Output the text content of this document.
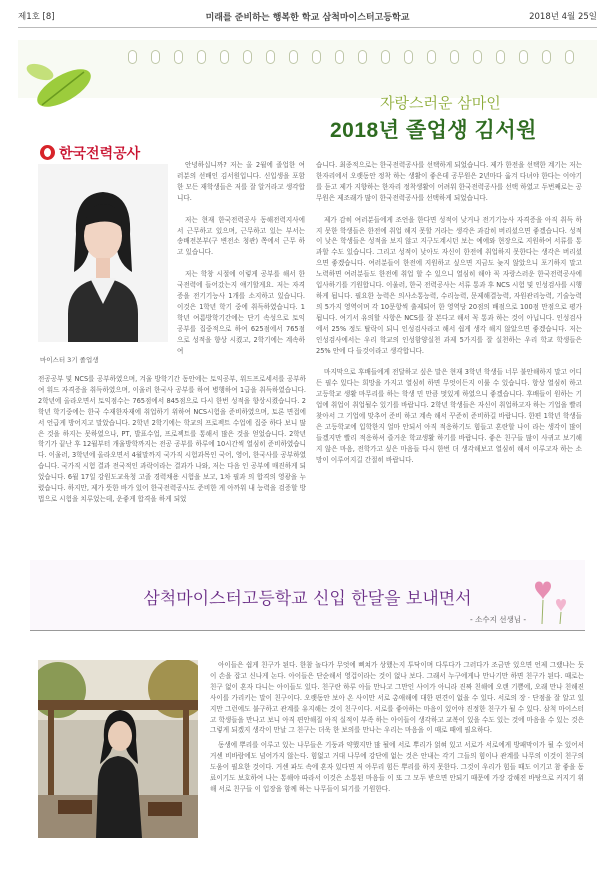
제1호 [8]	미래를 준비하는 행복한 학교 삼척마이스터고등학교	2018년 4월 25일
자랑스러운 삼마인
2018년 졸업생 김서원
한국전력공사
마이스터 3기 졸업생

안녕하십니까? 저는 올 2월에 졸업한 여러분의 선배인 김서원입니다. 신입생을 포함한 모든 재학생들은 저를 잘 알거라고 생각합니다.

저는 현재 한국전력공사 동해전력지사에서 근무하고 있으며, 근무하고 있는 부서는 송배전본부(구 변전소 청관) 쪽에서 근무 하고 있습니다.

저는 학창 시절에 이렇게 공부를 해서 한국전력에 들어갔는지 얘기할게요. 저는 자격증을 전기기능사 1개를 소지하고 있습니다. 이것은 1학년 학기 중에 취득하였습니다. 1학년 여름방학기간에는 단기 속성으로 토익공부를 집중적으로 하여 625점에서 765점으로 성적을 향상 시켰고, 2학기에는 계속하여

전공공부 및 NCS를 공부하였으며, 겨울 방학기간 동안에는 토익공부, 워드프로세서를 공부하여 워드 자격증을 취득하였으며, 이울러 한국사 공부를 하여 병행하여 1급을 취득하였습니다. 2학년에 올라오면서 토익점수는 765점에서 845점으로 다시 한번 성적을 향상시켰습니다. 2학년 학기중에는 한국 수재한자재에 취업하기 위하여 NCS시험을 준비하였으며, 토론 면접에서 언급게 방어지고 말았습니다. 2학년 2학기에는 학교의 프로젝트 수업에 집중 하다 보니 많은 것을 하지는 못하였으나, PT, 발표수업, 프로젝트를 통해서 많은 것을 얻었습니다. 2학년 학기가 끝난 후 12월부터 개울방학까지는 전공 공부를 하루에 10시간씩 열심히 준비하였습니다. 이울러, 3학년에 올라오면서 4월말까지 국가직 시험과목인 국어, 영어, 한국사를 공부하였습니다. 국가직 시험 결과 전국적인 과락이라는 결과가 나와, 저는 다음 인 공부에 매진하게 되었습니다. 6월 17일 강원도교육청 고졸 경력채용 시험을 보고, 1차 필과 의 합격의 영광을 누렸습니다. 하지만, 제가 뜻한 바가 있어 한국전력공사도 준비한 게 아까워 내 능력을 검증할 방법으로 시험을 치루었는데, 운좋게 합격을 하게 되었

습니다. 최종적으로는 한국전력공사를 선택하게 되었습니다. 제가 한전을 선택한 계기는 저는 한자리에서 오랫동안 정착 하는 생활이 좋은데 공무원은 2년마다 옮겨 다녀야 한다는 이야기를 듣고 제가 지향하는 한자리 정착생활이 어려워 한국전력공사를 선택 하였고 두번째로는 공무원은 제조래가 많이 한국전력공사를 선택하게 되었습니다.

제가 감히 여러분들에게 조언을 한다면 성적이 낮거나 전기기능사 자격증을 아직 취득 하지 못한 학생들은 한전에 취업 해지 못할 거라는 생각은 과감히 버리셨으면 좋겠습니다. 성적이 낮은 학생들은 성적을 보지 않고 지구도계시던 보는 예에와 현장으로 지원하여 서류를 통과할 수도 있습니다. 그리고 성적이 낮아도 자신이 한전에 취업하지 못한다는 생각은 버리셨으면 좋겠습니다. 여러분들이 한전에 지원하고 싶으면 지금도 늦지 않았으니 포기하지 말고 노력하면 여러분들도 한전에 취업 할 수 있으니 열심히 해야 꼭 자랑스러운 한국전력공사에 입사하기를 기원합니다. 이울러, 한국 전력공사는 서류 통과 후 NCS 시험 및 인성검사를 시행하게 됩니다. 필요한 능력은 의사소통능력, 수리능력, 문제해결능력, 자원관리능력, 기술능력의 5가지 영역이며 각 10문항씩 출제되어 한 영역당 20점의 배점으로 100점 만점으로 평가됩니다. 여기서 유의할 사항은 NCS를 잘 본다고 해서 꼭 통과 하는 것이 아닙니다. 인성검사에서 25% 정도 탈락이 되니 인성검사라고 해서 쉽게 생각 해지 않았으면 좋겠습니다. 저는 인성검사에서는 우리 학교의 인성함양실천 과제 5가지를 잘 실천하는 우리 학교 학생들은 25% 안에 다 들것이라고 생각합니다.

마지막으로 후배들에게 전달하고 싶은 말은 현재 3학년 학생들 너무 불안해하지 말고 어디든 필수 있다는 희망을 가지고 열심히 하면 무엇이든지 이룰 수 있습니다. 항상 열심히 하고 고등학교 생활 마무리를 하는 학생 민 만큼 멋있게 하였으니 좋겠습니다. 후배들이 원하는 기업에 취업이 취업될수 있기를 바랍니다. 2학년 학생들은 자신이 취업하고자 하는 기업을 빨리 찾아서 그 기업에 맞추어 준비 하고 계속 해서 꾸준히 준비하길 바랍니다. 한편 1학년 학생들은 고등학교에 입학한지 얼마 안되서 아직 적응하기도 힘들고 혼란할 나이 라는 생각이 많이 들겠지만 빨리 적응하셔 즐거운 학교생활 하기를 바랍니다. 좋은 친구들 많이 사귀고 보기해지 않은 마음, 전학가고 싶은 마음들 다시 한번 더 생각해보고 열심히 해서 이루고자 하는 소망이 이루어지길 간절히 바랍니다.

삼척마이스터고등학교 신입 한달을 보내면서
- 소수지 선생님 -

아이들은 쉽게 친구가 된다. 한참 놀다가 무엇에 삐쳐가 상했는지 투닥이며 다투다가 그러다가 조금만 있으면 언제 그랬냐는 듯이 손을 잡고 신나게 논다. 아이들은 단순해서 영겁이라는 것이 없나 보다. 그래서 누구에게나 만나기만 하면 친구가 된다. 때로는 친구 없이 혼자 다니는 아이들도 있다. 친구란 하루 아들 만나고 그만인 사이가 아니라 진짜 친해에 오랜 기쁨에, 오래 만나 친해진 사이를 가리키는 말이 친구이다. 오랫동안 보아 온 사이만 서로 총애해에 대한 편견이 없을 수 있다. 서로의 장 · 단점을 잘 알고 있지만 그런에도 불구하고 관계를 유지해는 것이 친구이다. 서로를 좋아하는 마음이 있어야 진정한 친구가 될 수 있다. 삼척 마이스터고 학생들을 만나고 보니 아직 편안해질 아직 실적이 부족 하는 아이들이 생각하고 교복이 있을 수도 있는 것에 마음을 수 있는 것은 그렇게 되겠지 생각이 만날 그 친구는 더욱 한 보의를 만나는 우리는 마음을 이 때로 때에 필요하다.

동생에 뿌리를 이루고 있는 나무들은 기둥과 약했지만 많 될에 서로 뿌리가 얽혀 있고 서로가 서로에게 방패막이가 될 수 있어서 거센 비바람에도 넘어가지 않는다. 힘없고 거대 나무에 강단에 없는 것은 안내는 각기 그들의 힘이나 관계를 나무의 이것이 친구의 도움이 필요한 것이다. 거센 파도 속에 혼자 있다면 저 아무리 힘든 뿌리를 하지 못한다. 그것이 우리가 힘들 때도 이기고 참 좋을 동료이기도 보호하여 나는 통해야 따라서 이것은 소통된 마음들 이 또 그 모두 받으면 안되기 때문에 가장 강해진 바탕으로 커지기 위해 서로 친구들 이 입장을 함께 하는 나무들이 되기를 기원한다.
